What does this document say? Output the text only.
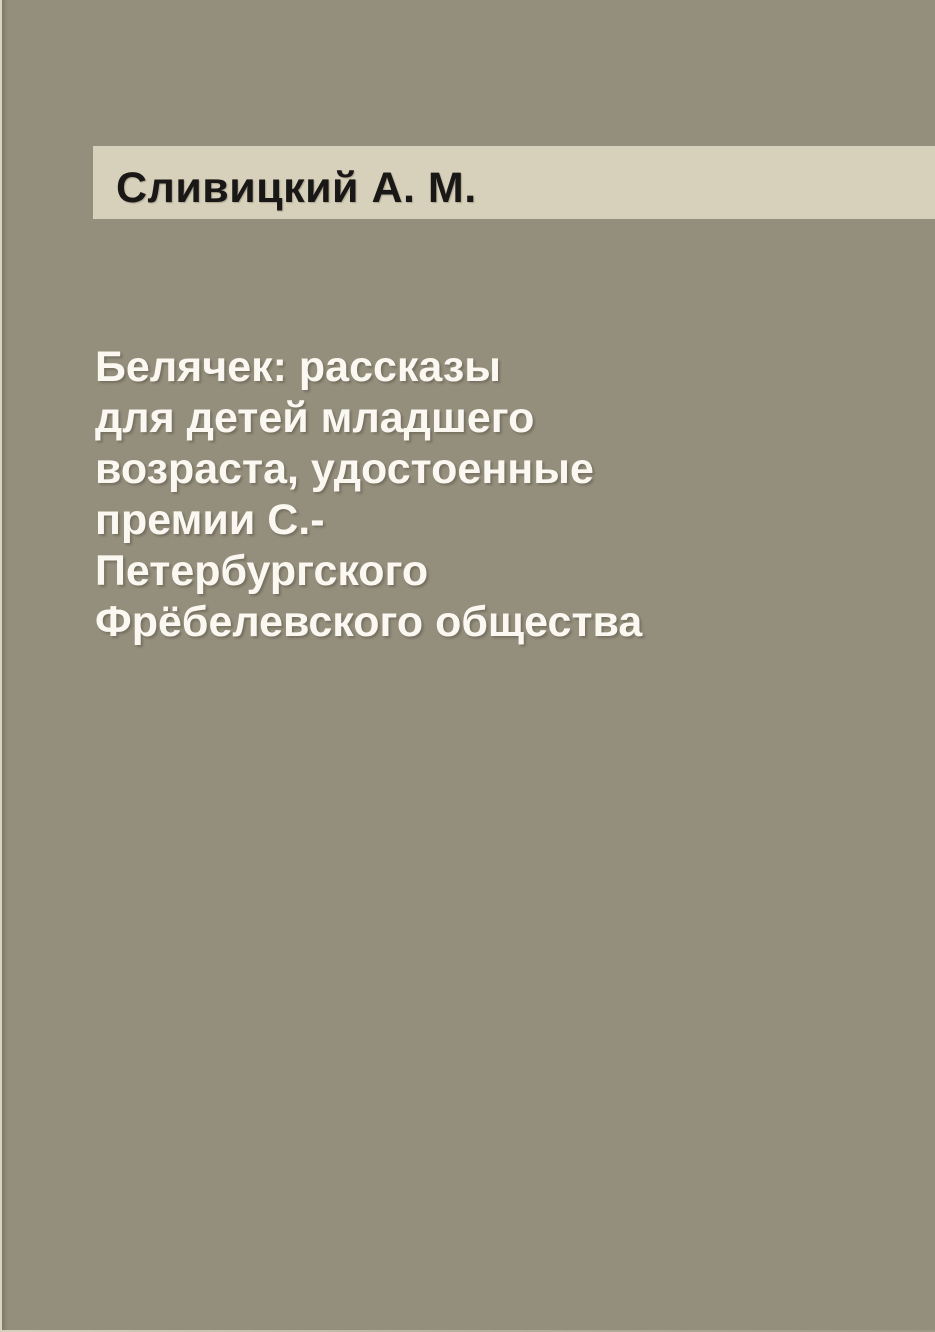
Сливицкий А. М.
Белячек: рассказы
для детей младшего
возраста, удостоенные
премии С.-
Петербургского
Фрёбелевского общества
